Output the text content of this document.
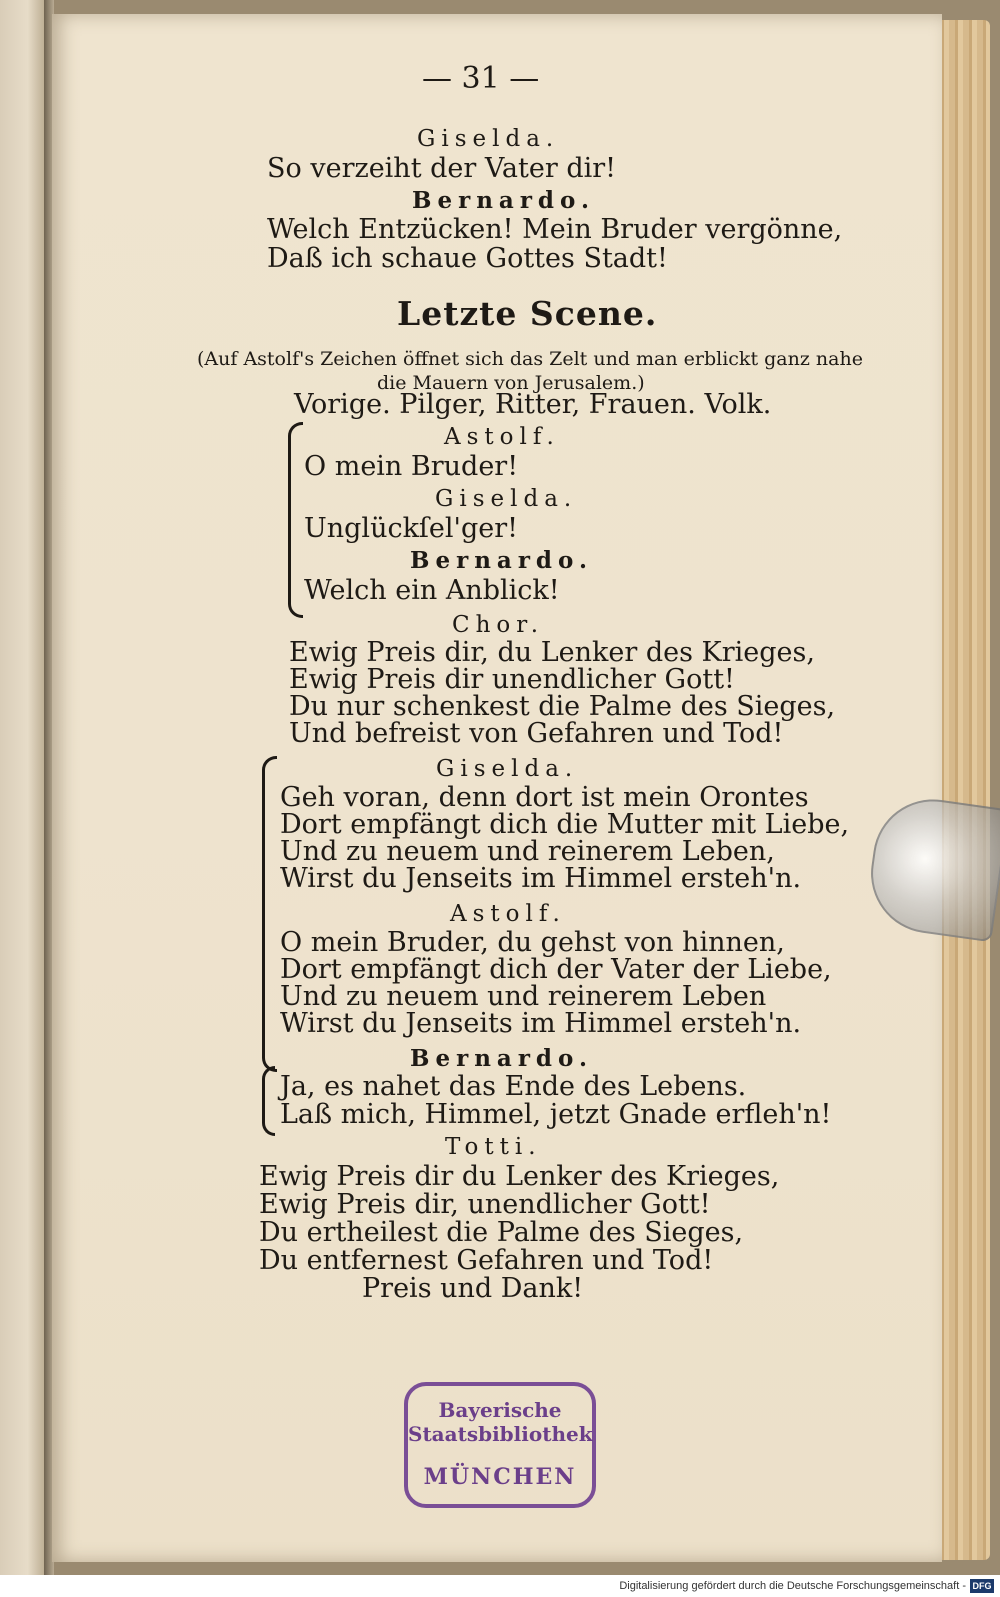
— 31 —
Giselda.
So verzeiht der Vater dir!
Bernardo.
Welch Entzücken! Mein Bruder vergönne,
Daß ich schaue Gottes Stadt!
Letzte Scene.
(Auf Astolf's Zeichen öffnet sich das Zelt und man erblickt ganz nahe
die Mauern von Jerusalem.)
Vorige. Pilger, Ritter, Frauen. Volk.
Astolf.
O mein Bruder!
Giselda.
Unglückſel'ger!
Bernardo.
Welch ein Anblick!
Chor.
Ewig Preis dir, du Lenker des Krieges,
Ewig Preis dir unendlicher Gott!
Du nur schenkest die Palme des Sieges,
Und befreist von Gefahren und Tod!
Giselda.
Geh voran, denn dort ist mein Orontes
Dort empfängt dich die Mutter mit Liebe,
Und zu neuem und reinerem Leben,
Wirst du Jenseits im Himmel ersteh'n.
Astolf.
O mein Bruder, du gehst von hinnen,
Dort empfängt dich der Vater der Liebe,
Und zu neuem und reinerem Leben
Wirst du Jenseits im Himmel ersteh'n.
Bernardo.
Ja, es nahet das Ende des Lebens.
Laß mich, Himmel, jetzt Gnade erfleh'n!
Totti.
Ewig Preis dir du Lenker des Krieges,
Ewig Preis dir, unendlicher Gott!
Du ertheilest die Palme des Sieges,
Du entfernest Gefahren und Tod!
Preis und Dank!
Bayerische
Staatsbibliothek
MÜNCHEN
Digitalisierung gefördert durch die Deutsche Forschungsgemeinschaft - DFG
